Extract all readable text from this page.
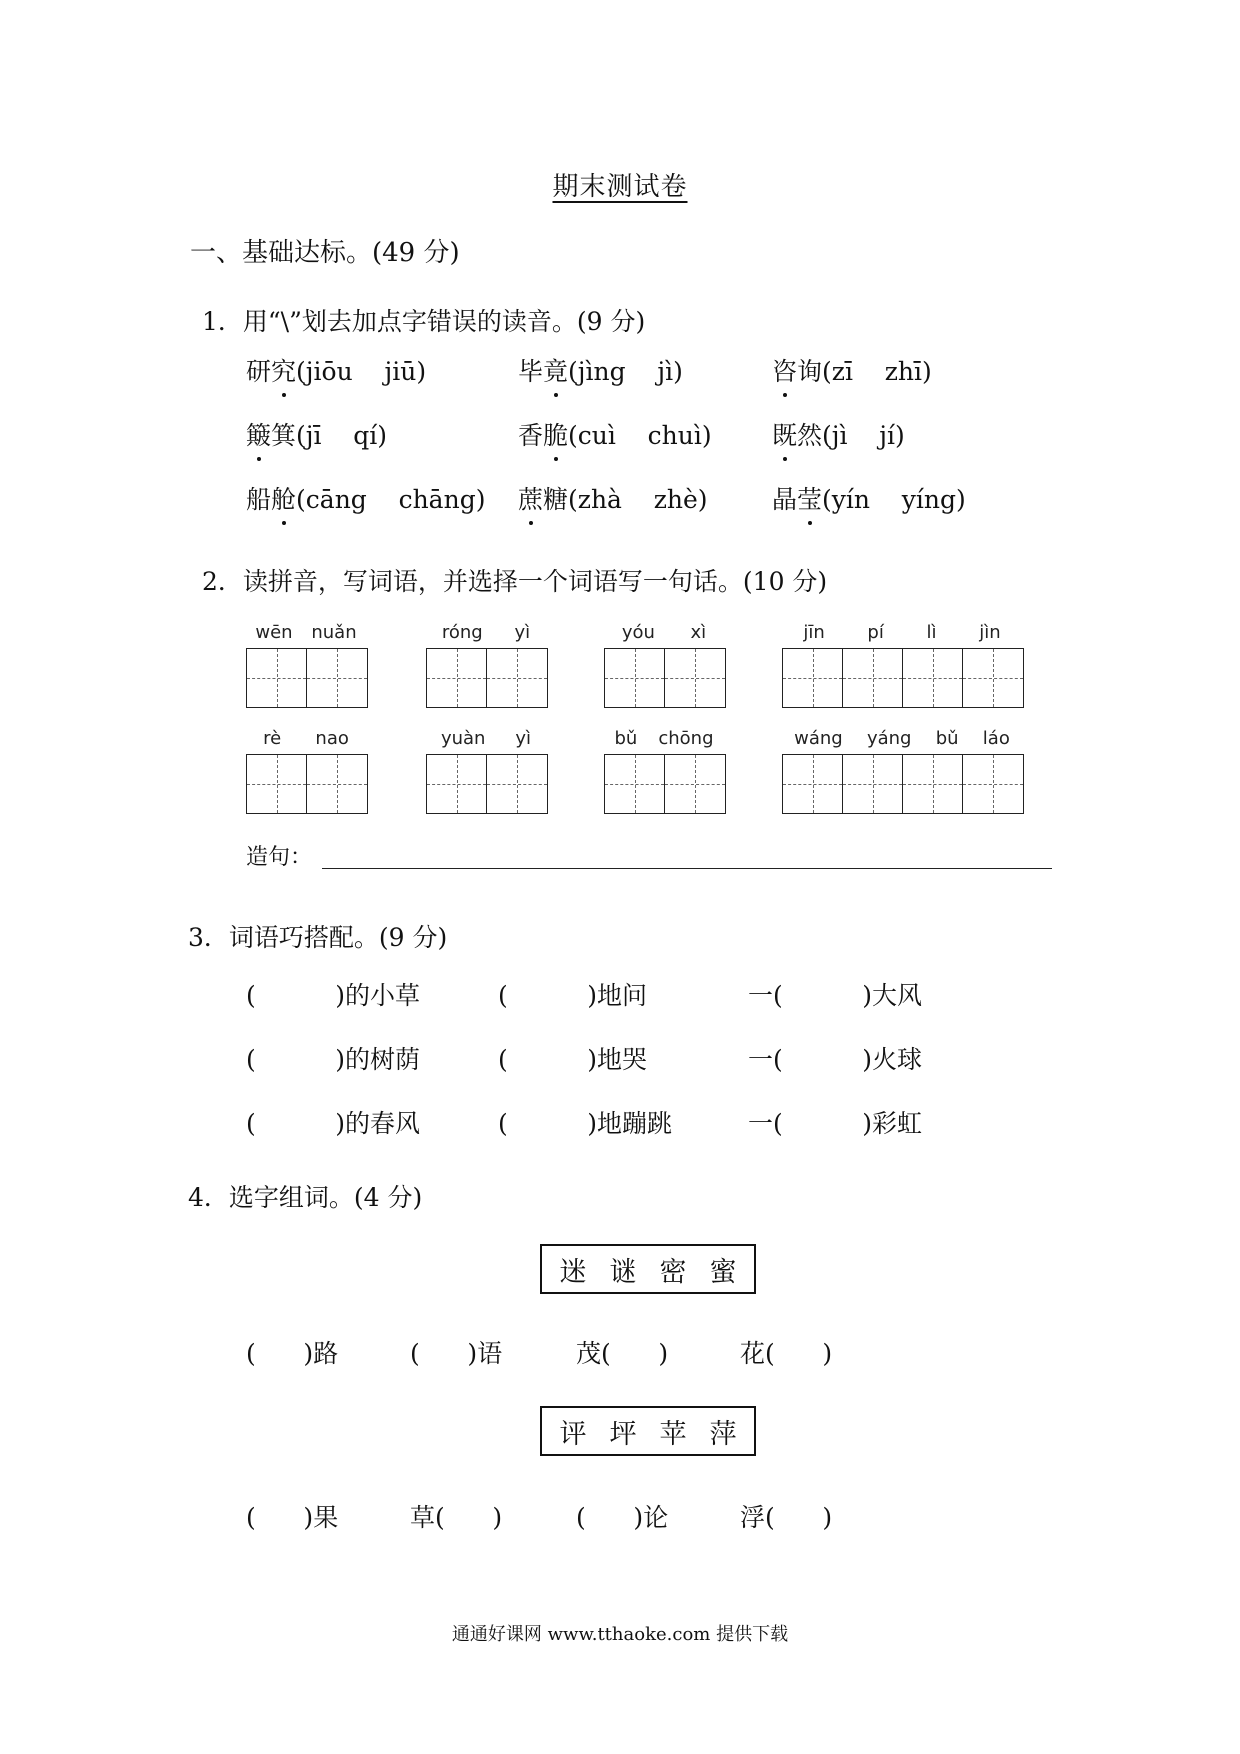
期末测试卷
一、基础达标。(49 分)
1．用“\”划去加点字错误的读音。(9 分)
研 究 (jiōu    jiū)	毕 竟 (jìng    jì)	咨 询(zī    zhī)
簸 箕(jī    qí)	香 脆 (cuì    chuì) 既 然(jì    jí)
船 舱 (cāng    chāng) 蔗 糖(zhà    zhè)	晶 莹 (yín    yíng)
2．读拼音，写词语，并选择一个词语写一句话。(10 分)
wēn nuǎn	róng yì	yóu xì	jīn pí lì jìn
rè nao	yuàn yì	bǔ chōng	wáng yáng bǔ láo
造句：
3．词语巧搭配。(9 分)
(          )的小草	(          )地问	一(          )大风
(          )的树荫	(          )地哭	一(          )火球
(          )的春风	(          )地蹦跳	一(          )彩虹
4．选字组词。(4 分)
迷 谜 密 蜜
(      )路	(      )语	茂(      )	花(      )
评 坪 苹 萍
(      )果	草(      )	(      )论	浮(      )
通通好课网 www.tthaoke.com 提供下载
